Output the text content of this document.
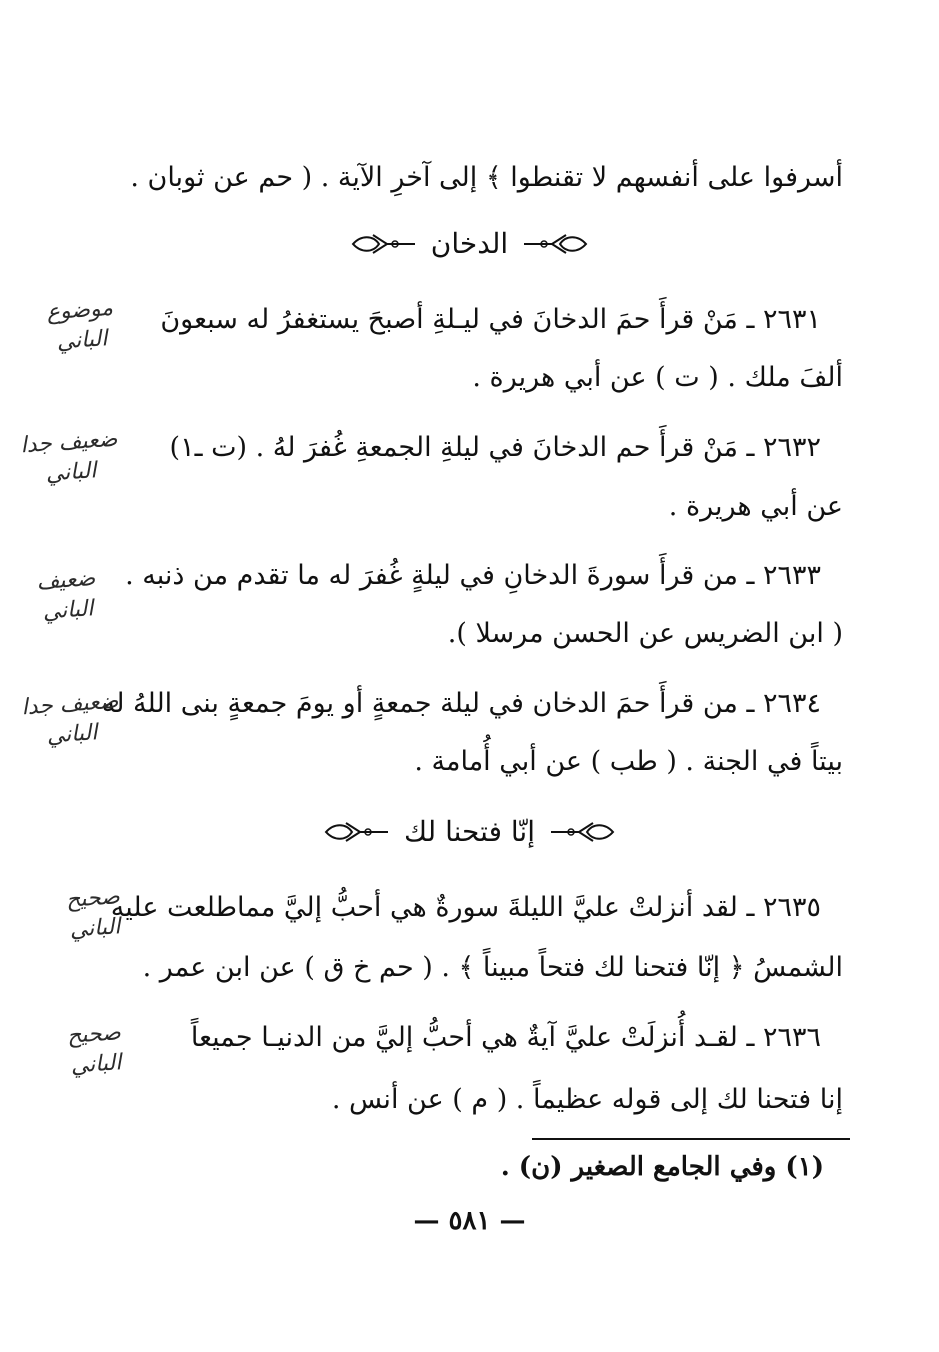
أسرفوا على أنفسهم لا تقنطوا ﴾ إلى آخرِ الآية . ( حم عن ثوبان .
الدخان
٢٦٣١ ـ مَنْ قرأَ حمَ الدخانَ في ليـلةِ أصبحَ يستغفرُ له سبعونَ
ألفَ ملك . ( ت ) عن أبي هريرة .
٢٦٣٢ ـ مَنْ قرأَ حم الدخانَ في ليلةِ الجمعةِ غُفرَ لهُ . (ت ـ١)
عن أبي هريرة .
٢٦٣٣ ـ من قرأَ سورةَ الدخانِ في ليلةٍ غُفرَ له ما تقدم من ذنبه .
( ابن الضريس عن الحسن مرسلا ).
٢٦٣٤ ـ من قرأَ حمَ الدخان في ليلة جمعةٍ أو يومَ جمعةٍ بنى اللهُ له
بيتاً في الجنة . ( طب ) عن أبي أُمامة .
إنّا فتحنا لك
٢٦٣٥ ـ لقد أنزلتْ عليَّ الليلةَ سورةٌ هي أحبُّ إليَّ مماطلعت عليه
الشمسُ ﴿ إنّا فتحنا لك فتحاً مبيناً ﴾ . ( حم خ ق ) عن ابن عمر .
٢٦٣٦ ـ لقـد أُنزلَتْ عليَّ آيةٌ هي أحبُّ إليَّ من الدنيـا جميعاً
إنا فتحنا لك إلى قوله عظيماً . ( م ) عن أنس .
موضوع
الباني
ضعيف جدا
الباني
ضعيف
الباني
ضعيف جدا
الباني
صحيح
الباني
صحيح
الباني
(١) وفي الجامع الصغير (ن) .
— ٥٨١ —
